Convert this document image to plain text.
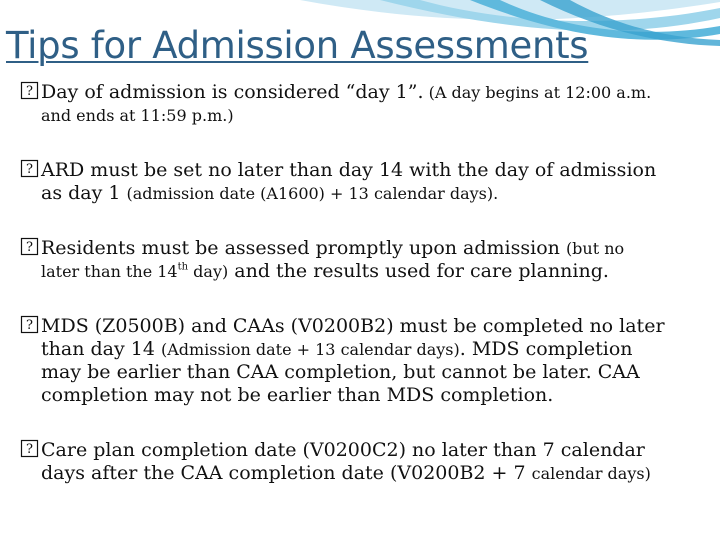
Tips for Admission Assessments
? Day of admission is considered “day 1”. (A day begins at 12:00 a.m.
and ends at 11:59 p.m.)
? ARD must be set no later than day 14 with the day of admission
as day 1 (admission date (A1600) + 13 calendar days).
? Residents must be assessed promptly upon admission (but no
later than the 14th day) and the results used for care planning.
? MDS (Z0500B) and CAAs (V0200B2) must be completed no later
than day 14 (Admission date + 13 calendar days). MDS completion
may be earlier than CAA completion, but cannot be later. CAA
completion may not be earlier than MDS completion.
? Care plan completion date (V0200C2) no later than 7 calendar
days after the CAA completion date (V0200B2 + 7 calendar days)
